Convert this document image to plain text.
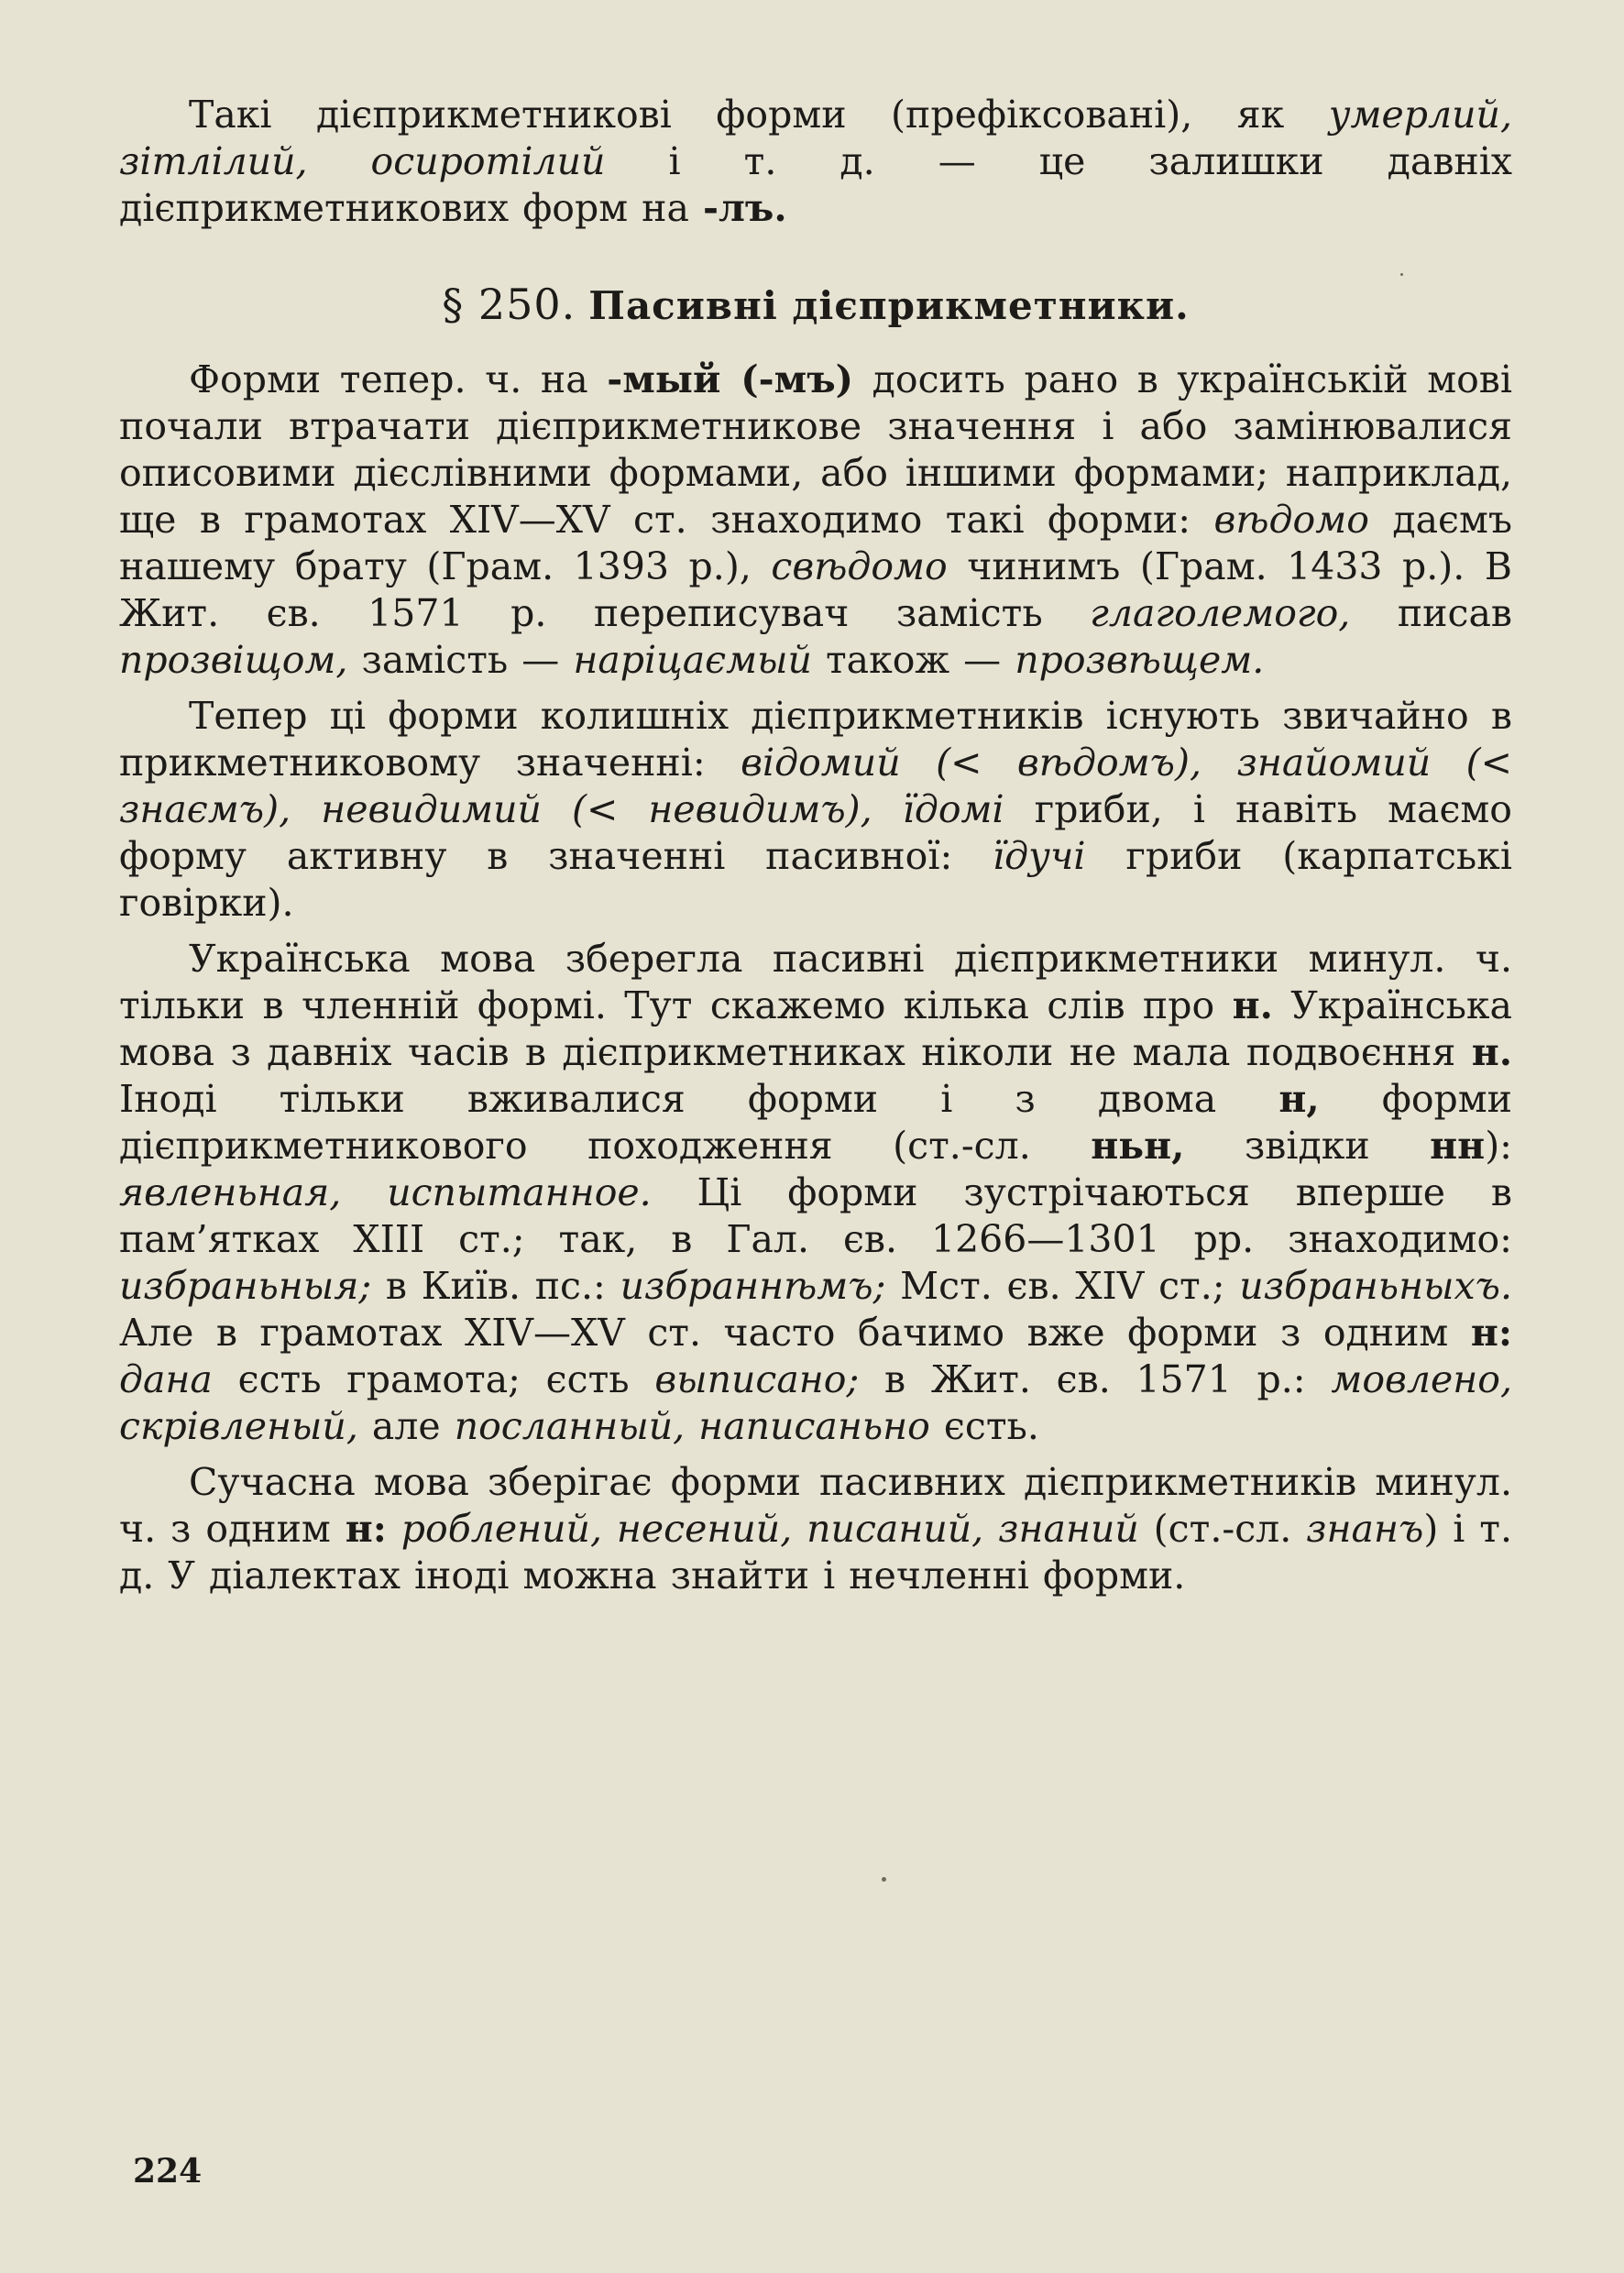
Такі дієприкметникові форми (префіксовані), як умерлий, зітлілий, осиротілий і т. д. — це залишки давніх дієприкметникових форм на -лъ.

§ 250. Пасивні дієприкметники.

Форми тепер. ч. на -мый (-мъ) досить рано в українській мові почали втрачати дієприкметникове значення і або замінювалися описовими дієслівними формами, або іншими формами; наприклад, ще в грамотах XIV—XV ст. знаходимо такі форми: вѣдомо даємъ нашему брату (Грам. 1393 р.), свѣдомо чинимъ (Грам. 1433 р.). В Жит. єв. 1571 р. переписувач замість глаголемого, писав прозвіщом, замість — наріцаємый також — прозвѣщем.

Тепер ці форми колишніх дієприкметників існують звичайно в прикметниковому значенні: відомий (< вѣдомъ), знайомий (< знаємъ), невидимий (< невидимъ), їдомі гриби, і навіть маємо форму активну в значенні пасивної: їдучі гриби (карпатські говірки).

Українська мова зберегла пасивні дієприкметники минул. ч. тільки в членній формі. Тут скажемо кілька слів про н. Українська мова з давніх часів в дієприкметниках ніколи не мала подвоєння н. Іноді тільки вживалися форми і з двома н, форми дієприкметникового походження (ст.-сл. ньн, звідки нн): явленьная, испытанное. Ці форми зустрічаються вперше в пам’ятках XIII ст.; так, в Гал. єв. 1266—1301 рр. знаходимо: избраньныя; в Київ. пс.: избраннѣмъ; Мст. єв. XIV ст.; избраньныхъ. Але в грамотах XIV—XV ст. часто бачимо вже форми з одним н: дана єсть грамота; єсть выписано; в Жит. єв. 1571 р.: мовлено, скрівленый, але посланный, написаньно єсть.

Сучасна мова зберігає форми пасивних дієприкметників минул. ч. з одним н: роблений, несений, писаний, знаний (ст.-сл. знанъ) і т. д. У діалектах іноді можна знайти і нечленні форми.

224
